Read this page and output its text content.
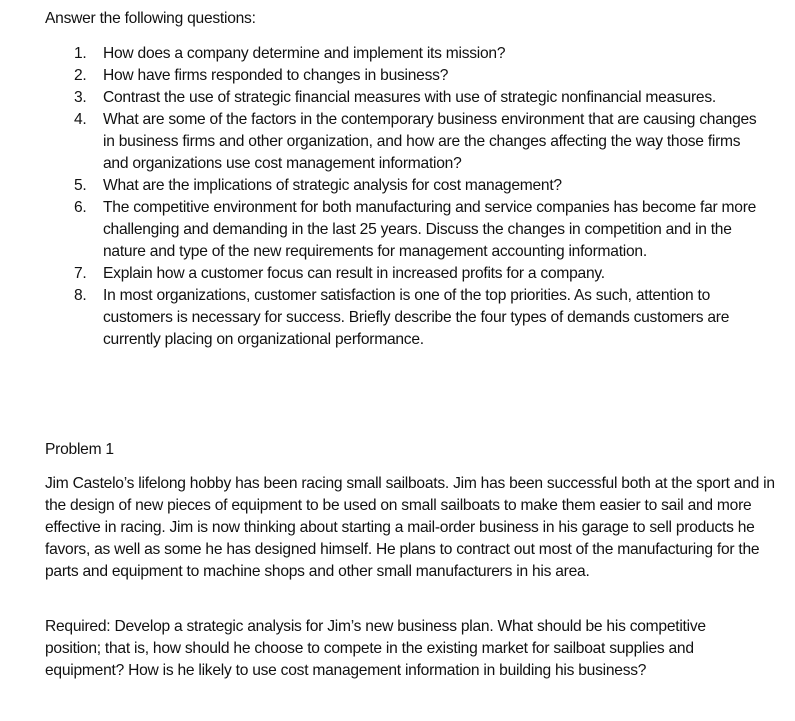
Answer the following questions:

1. How does a company determine and implement its mission?
2. How have firms responded to changes in business?
3. Contrast the use of strategic financial measures with use of strategic nonfinancial measures.
4. What are some of the factors in the contemporary business environment that are causing changes in business firms and other organization, and how are the changes affecting the way those firms and organizations use cost management information?
5. What are the implications of strategic analysis for cost management?
6. The competitive environment for both manufacturing and service companies has become far more challenging and demanding in the last 25 years. Discuss the changes in competition and in the nature and type of the new requirements for management accounting information.
7. Explain how a customer focus can result in increased profits for a company.
8. In most organizations, customer satisfaction is one of the top priorities. As such, attention to customers is necessary for success. Briefly describe the four types of demands customers are currently placing on organizational performance.
Problem 1

Jim Castelo’s lifelong hobby has been racing small sailboats. Jim has been successful both at the sport and in the design of new pieces of equipment to be used on small sailboats to make them easier to sail and more effective in racing. Jim is now thinking about starting a mail-order business in his garage to sell products he favors, as well as some he has designed himself. He plans to contract out most of the manufacturing for the parts and equipment to machine shops and other small manufacturers in his area.

Required: Develop a strategic analysis for Jim’s new business plan. What should be his competitive position; that is, how should he choose to compete in the existing market for sailboat supplies and equipment? How is he likely to use cost management information in building his business?
